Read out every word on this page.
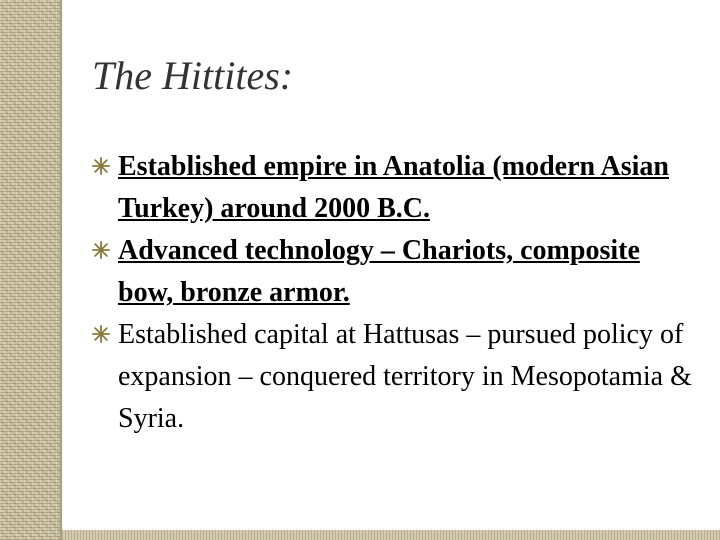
The Hittites:
Established empire in Anatolia (modern Asian Turkey) around 2000 B.C.
Advanced technology – Chariots, composite bow, bronze armor.
Established capital at Hattusas – pursued policy of expansion – conquered territory in Mesopotamia & Syria.
